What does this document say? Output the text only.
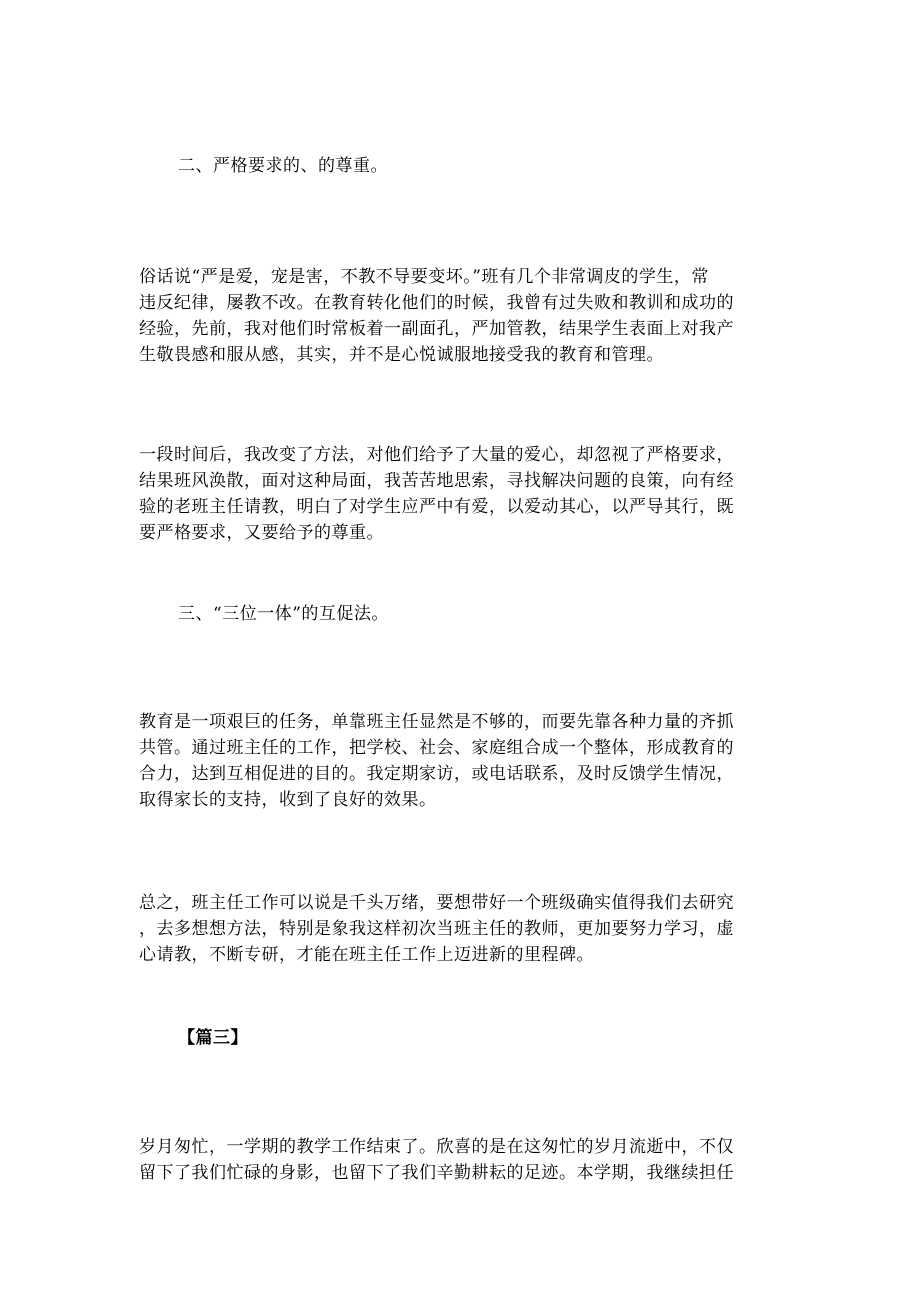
二、严格要求的、的尊重。
俗话说“严是爱，宠是害，不教不导要变坏。”班有几个非常调皮的学生，常
违反纪律，屡教不改。在教育转化他们的时候，我曾有过失败和教训和成功的
经验，先前，我对他们时常板着一副面孔，严加管教，结果学生表面上对我产
生敬畏感和服从感，其实，并不是心悦诚服地接受我的教育和管理。
一段时间后，我改变了方法，对他们给予了大量的爱心，却忽视了严格要求，
结果班风涣散，面对这种局面，我苦苦地思索，寻找解决问题的良策，向有经
验的老班主任请教，明白了对学生应严中有爱，以爱动其心，以严导其行，既
要严格要求，又要给予的尊重。
三、“三位一体”的互促法。
教育是一项艰巨的任务，单靠班主任显然是不够的，而要先靠各种力量的齐抓
共管。通过班主任的工作，把学校、社会、家庭组合成一个整体，形成教育的
合力，达到互相促进的目的。我定期家访，或电话联系，及时反馈学生情况，
取得家长的支持，收到了良好的效果。
总之，班主任工作可以说是千头万绪，要想带好一个班级确实值得我们去研究
，去多想想方法，特别是象我这样初次当班主任的教师，更加要努力学习，虚
心请教，不断专研，才能在班主任工作上迈进新的里程碑。
【篇三】
岁月匆忙，一学期的教学工作结束了。欣喜的是在这匆忙的岁月流逝中，不仅
留下了我们忙碌的身影，也留下了我们辛勤耕耘的足迹。本学期，我继续担任
